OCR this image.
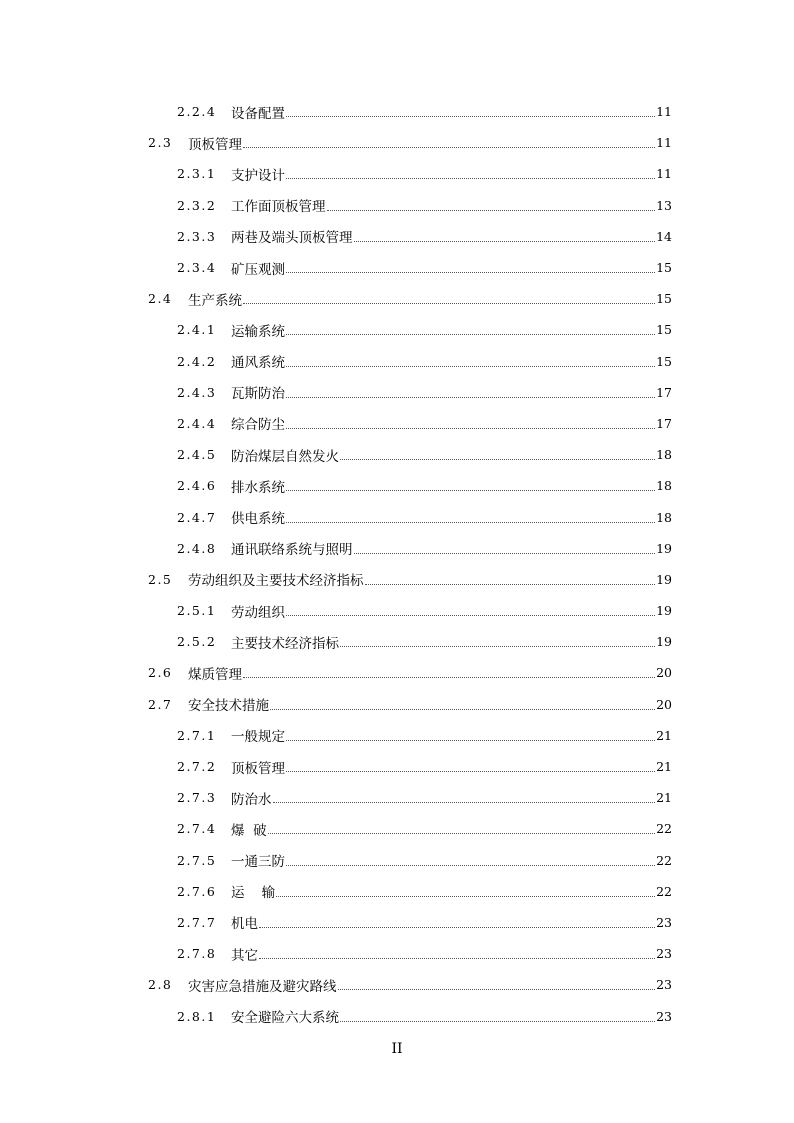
2.2.4	设备配置	11
2.3	顶板管理	11
2.3.1	支护设计	11
2.3.2	工作面顶板管理	13
2.3.3	两巷及端头顶板管理	14
2.3.4	矿压观测	15
2.4	生产系统	15
2.4.1	运输系统	15
2.4.2	通风系统	15
2.4.3	瓦斯防治	17
2.4.4	综合防尘	17
2.4.5	防治煤层自然发火	18
2.4.6	排水系统	18
2.4.7	供电系统	18
2.4.8	通讯联络系统与照明	19
2.5	劳动组织及主要技术经济指标	19
2.5.1	劳动组织	19
2.5.2	主要技术经济指标	19
2.6	煤质管理	20
2.7	安全技术措施	20
2.7.1	一般规定	21
2.7.2	顶板管理	21
2.7.3	防治水	21
2.7.4	爆  破	22
2.7.5	一通三防	22
2.7.6	运    输	22
2.7.7	机电	23
2.7.8	其它	23
2.8	灾害应急措施及避灾路线	23
2.8.1	安全避险六大系统	23
II
